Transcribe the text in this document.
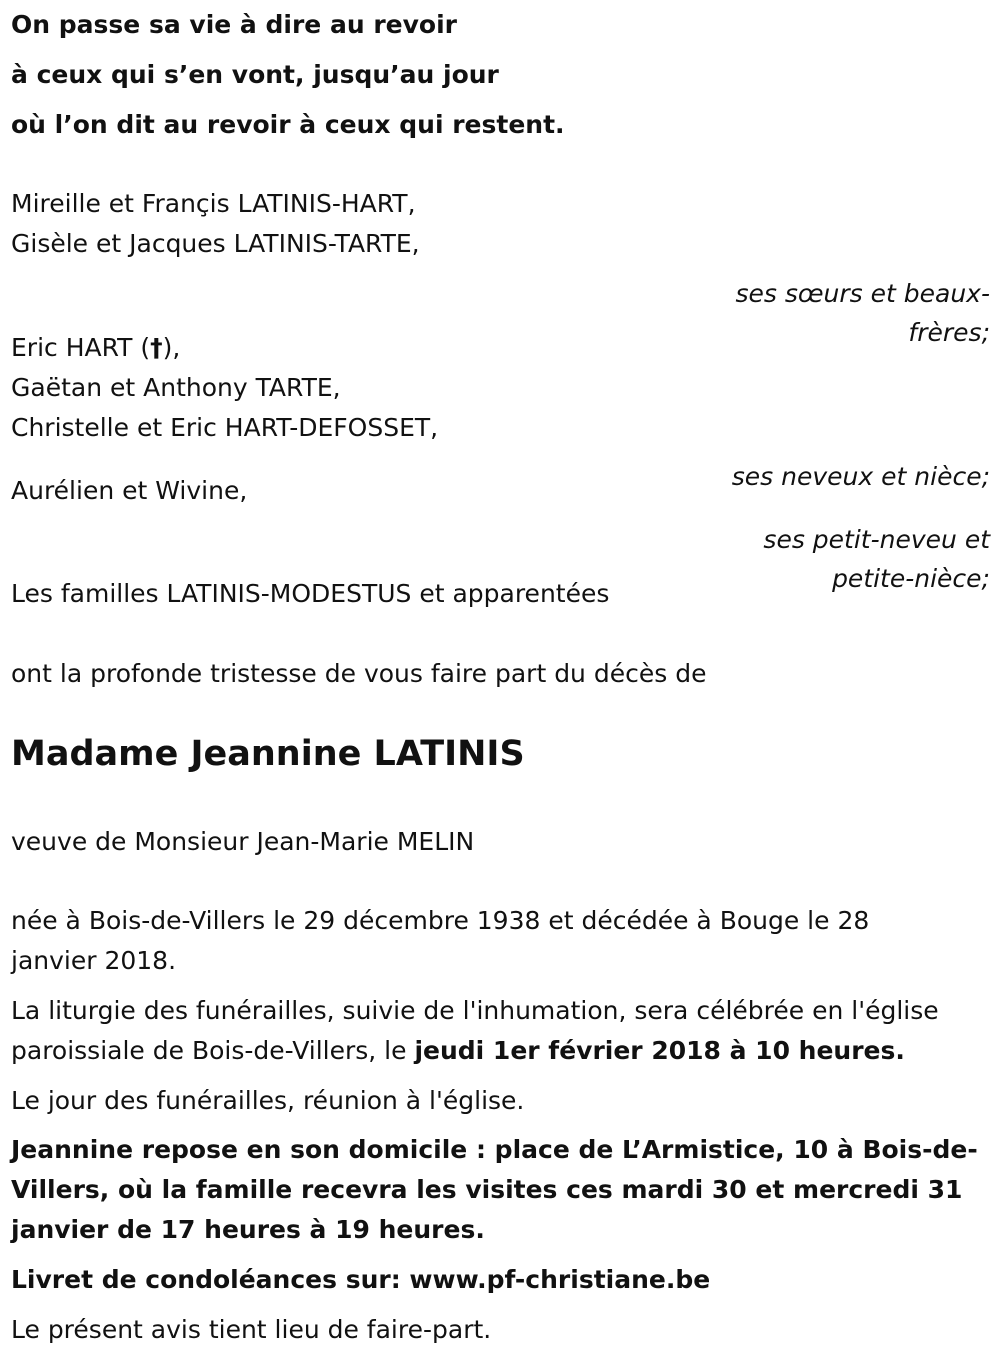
On passe sa vie à dire au revoir

à ceux qui s’en vont, jusqu’au jour

où l’on dit au revoir à ceux qui restent.

Mireille et Françis LATINIS-HART,

Gisèle et Jacques LATINIS-TARTE,

ses sœurs et beaux-

frères;

Eric HART (†),

Gaëtan et Anthony TARTE,

Christelle et Eric HART-DEFOSSET,

ses neveux et nièce;

Aurélien et Wivine,

ses petit-neveu et

petite-nièce;

Les familles LATINIS-MODESTUS et apparentées

ont la profonde tristesse de vous faire part du décès de

Madame Jeannine LATINIS

veuve de Monsieur Jean-Marie MELIN

née à Bois-de-Villers le 29 décembre 1938 et décédée à Bouge le 28

janvier 2018.

La liturgie des funérailles, suivie de l'inhumation, sera célébrée en l'église

paroissiale de Bois-de-Villers, le jeudi 1er février 2018 à 10 heures.

Le jour des funérailles, réunion à l'église.

Jeannine repose en son domicile : place de L’Armistice, 10 à Bois-de-

Villers, où la famille recevra les visites ces mardi 30 et mercredi 31

janvier de 17 heures à 19 heures.

Livret de condoléances sur: www.pf-christiane.be

Le présent avis tient lieu de faire-part.
